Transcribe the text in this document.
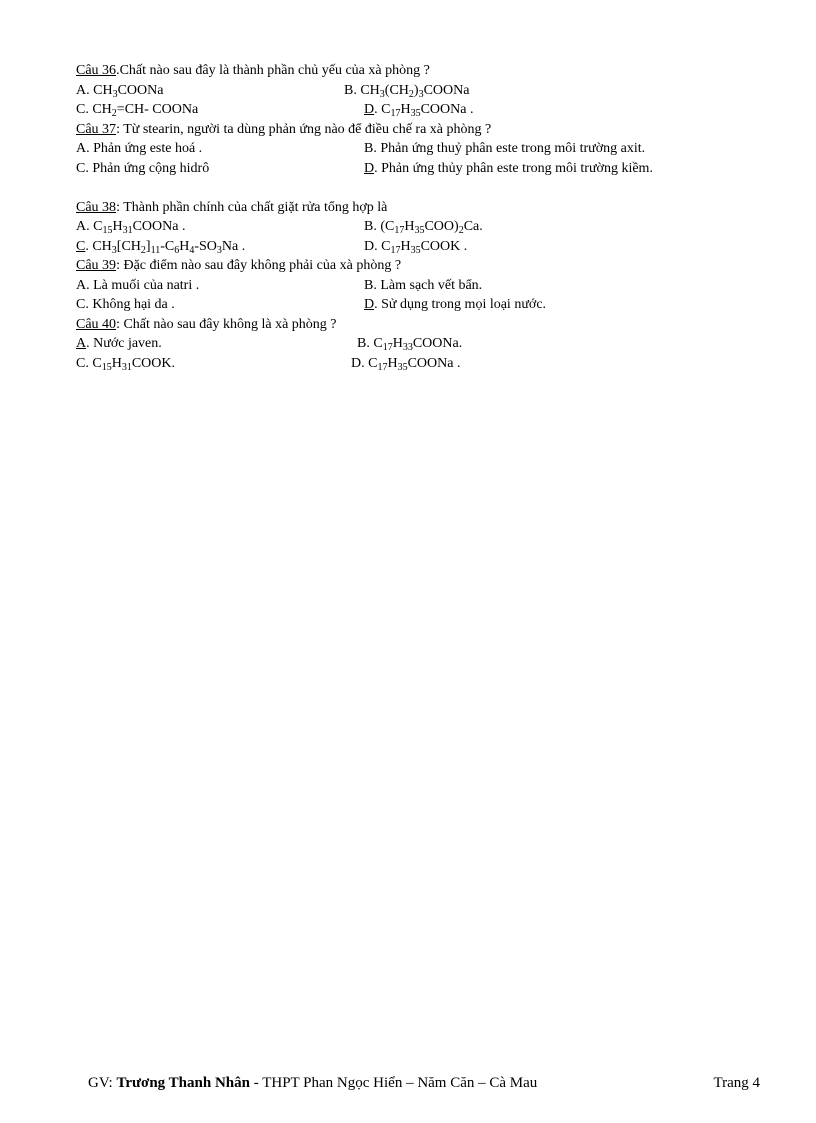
Câu 36.Chất nào sau đây là thành phần chủ yếu của xà phòng ?
A. $CH_3COONa$	B. $CH_3(CH_2)_3COONa$
C. $CH_2=CH-$ COONa	D. $C_{17}H_{35}COONa$ .
Câu 37: Từ stearin, người ta dùng phản ứng nào để điều chế ra xà phòng ?
A. Phản ứng este hoá .	B. Phản ứng thuỷ phân este trong môi trường axit.
C. Phản ứng cộng hidrô	D. Phản ứng thủy phân este trong môi trường kiềm.
Câu 38: Thành phần chính của chất giặt rửa tổng hợp là
A. $C_{15}H_{31}COONa$ .	B. $(C_{17}H_{35}COO)_2Ca$.
C. $CH_3[CH_2]_{11}-C_6H_4-SO_3Na$ .	D. $C_{17}H_{35}COOK$ .
Câu 39: Đặc điểm nào sau đây không phải của xà phòng ?
A. Là muối của natri .	B. Làm sạch vết bẩn.
C. Không hại da .	D. Sử dụng trong mọi loại nước.
Câu 40: Chất nào sau đây không là xà phòng ?
A. Nước javen.	B. $C_{17}H_{33}COONa$.
C. $C_{15}H_{31}COOK$.	D. $C_{17}H_{35}COONa$ .
GV: Trương Thanh Nhân - THPT Phan Ngọc Hiển – Năm Căn – Cà Mau	Trang 4
